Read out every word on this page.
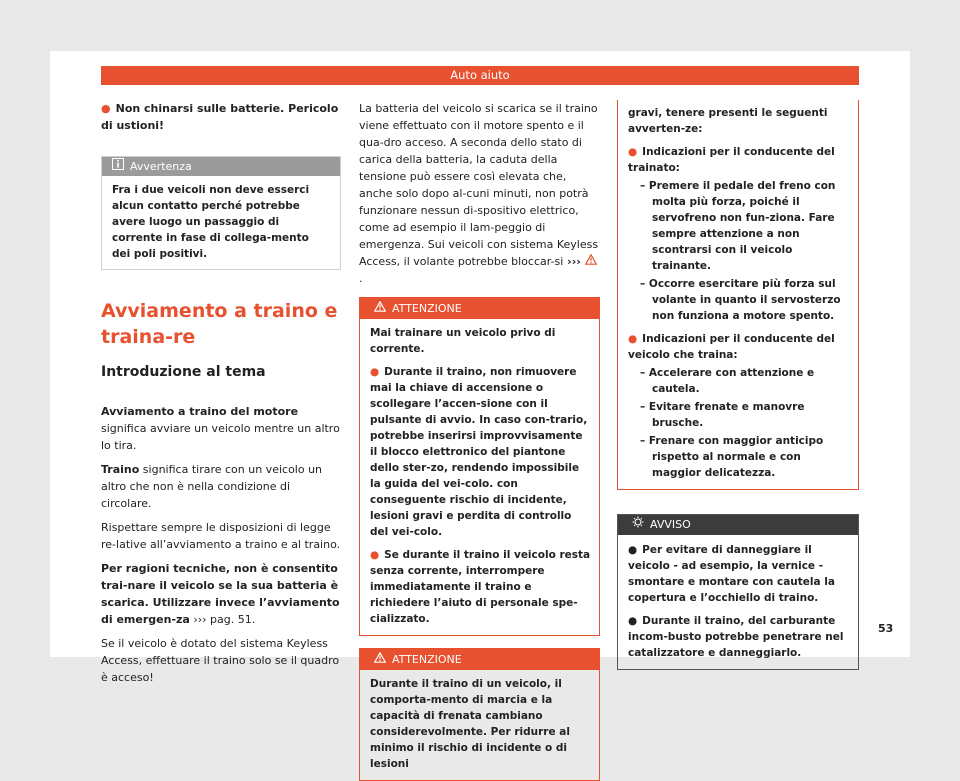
Auto aiuto

● Non chinarsi sulle batterie. Pericolo di ustioni!

Avvertenza
Fra i due veicoli non deve esserci alcun contatto perché potrebbe avere luogo un passaggio di corrente in fase di collega-mento dei poli positivi.
Avviamento a traino e traina-re
Introduzione al tema

Avviamento a traino del motore significa avviare un veicolo mentre un altro lo tira.

Traino significa tirare con un veicolo un altro che non è nella condizione di circolare.

Rispettare sempre le disposizioni di legge re-lative all’avviamento a traino e al traino.

Per ragioni tecniche, non è consentito trai-nare il veicolo se la sua batteria è scarica. Utilizzare invece l’avviamento di emergen-za ››› pag. 51.

Se il veicolo è dotato del sistema Keyless Access, effettuare il traino solo se il quadro è acceso!

La batteria del veicolo si scarica se il traino viene effettuato con il motore spento e il qua-dro acceso. A seconda dello stato di carica della batteria, la caduta della tensione può essere così elevata che, anche solo dopo al-cuni minuti, non potrà funzionare nessun di-spositivo elettrico, come ad esempio il lam-peggio di emergenza. Sui veicoli con sistema Keyless Access, il volante potrebbe bloccar-si ››› .

ATTENZIONE

Mai trainare un veicolo privo di corrente.

● Durante il traino, non rimuovere mai la chiave di accensione o scollegare l’accen-sione con il pulsante di avvio. In caso con-trario, potrebbe inserirsi improvvisamente il blocco elettronico del piantone dello ster-zo, rendendo impossibile la guida del vei-colo. con conseguente rischio di incidente, lesioni gravi e perdita di controllo del vei-colo.

● Se durante il traino il veicolo resta senza corrente, interrompere immediatamente il traino e richiedere l’aiuto di personale spe-cializzato.

ATTENZIONE
Durante il traino di un veicolo, il comporta-mento di marcia e la capacità di frenata cambiano considerevolmente. Per ridurre al minimo il rischio di incidente o di lesioni

gravi, tenere presenti le seguenti avverten-ze:

● Indicazioni per il conducente del trainato:

– Premere il pedale del freno con molta più forza, poiché il servofreno non fun-ziona. Fare sempre attenzione a non scontrarsi con il veicolo trainante.

– Occorre esercitare più forza sul volante in quanto il servosterzo non funziona a motore spento.

● Indicazioni per il conducente del veicolo che traina:

– Accelerare con attenzione e cautela.

– Evitare frenate e manovre brusche.

– Frenare con maggior anticipo rispetto al normale e con maggior delicatezza.

AVVISO

● Per evitare di danneggiare il veicolo - ad esempio, la vernice - smontare e montare con cautela la copertura e l’occhiello di traino.

● Durante il traino, del carburante incom-busto potrebbe penetrare nel catalizzatore e danneggiarlo.

53
